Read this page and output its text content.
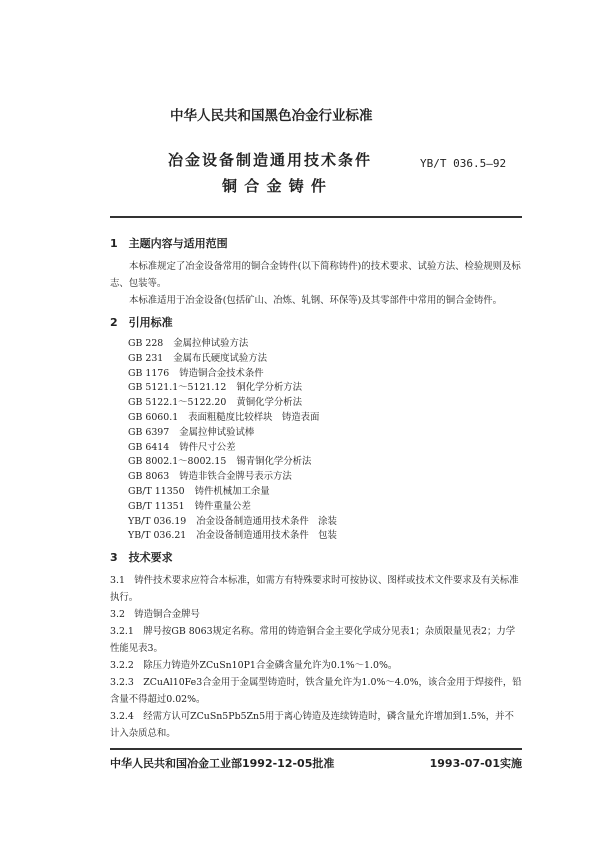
中华人民共和国黑色冶金行业标准
冶金设备制造通用技术条件
铜 合 金 铸 件
YB/T 036.5—92
1　主题内容与适用范围

本标准规定了冶金设备常用的铜合金铸件(以下简称铸件)的技术要求、试验方法、检验规则及标志、包装等。

本标准适用于冶金设备(包括矿山、冶炼、轧钢、环保等)及其零部件中常用的铜合金铸件。

2　引用标准
GB 228 金属拉伸试验方法
GB 231 金属布氏硬度试验方法
GB 1176 铸造铜合金技术条件
GB 5121.1～5121.12 铜化学分析方法
GB 5122.1～5122.20 黄铜化学分析法
GB 6060.1 表面粗糙度比较样块　铸造表面
GB 6397 金属拉伸试验试棒
GB 6414 铸件尺寸公差
GB 8002.1～8002.15 锡青铜化学分析法
GB 8063 铸造非铁合金牌号表示方法
GB/T 11350 铸件机械加工余量
GB/T 11351 铸件重量公差
YB/T 036.19 冶金设备制造通用技术条件　涂装
YB/T 036.21 冶金设备制造通用技术条件　包装
3　技术要求

3.1　铸件技术要求应符合本标准，如需方有特殊要求时可按协议、图样或技术文件要求及有关标准执行。

3.2　铸造铜合金牌号

3.2.1　牌号按GB 8063规定名称。常用的铸造铜合金主要化学成分见表1；杂质限量见表2；力学性能见表3。

3.2.2　除压力铸造外ZCuSn10P1合金磷含量允许为0.1%～1.0%。

3.2.3　ZCuAl10Fe3合金用于金属型铸造时，铁含量允许为1.0%～4.0%，该合金用于焊接件，铅含量不得超过0.02%。

3.2.4　经需方认可ZCuSn5Pb5Zn5用于离心铸造及连续铸造时，磷含量允许增加到1.5%，并不计入杂质总和。

中华人民共和国冶金工业部1992-12-05批准	1993-07-01实施
